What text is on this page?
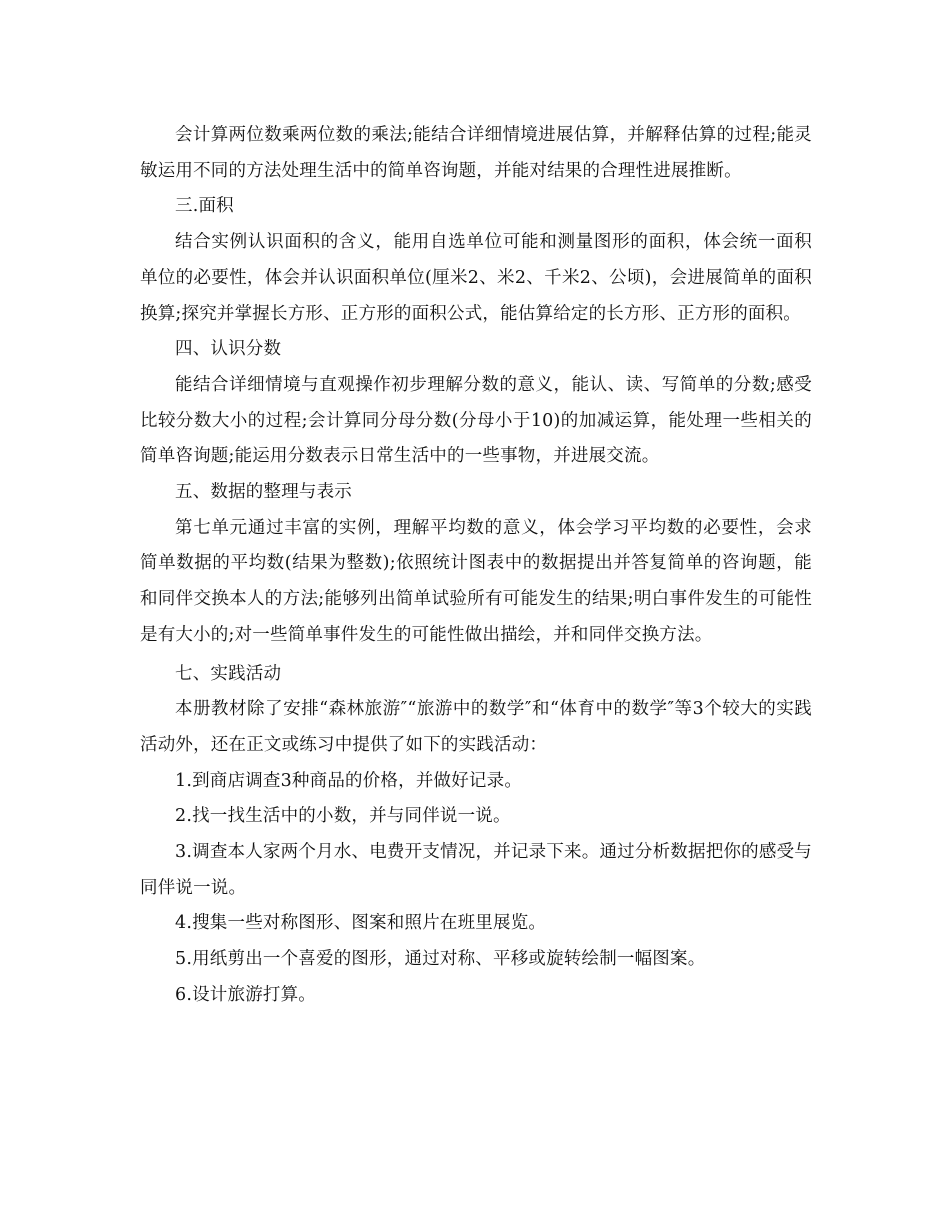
会计算两位数乘两位数的乘法;能结合详细情境进展估算，并解释估算的过程;能灵敏运用不同的方法处理生活中的简单咨询题，并能对结果的合理性进展推断。

三.面积

结合实例认识面积的含义，能用自选单位可能和测量图形的面积，体会统一面积单位的必要性，体会并认识面积单位(厘米2、米2、千米2、公顷)，会进展简单的面积换算;探究并掌握长方形、正方形的面积公式，能估算给定的长方形、正方形的面积。

四、认识分数

能结合详细情境与直观操作初步理解分数的意义，能认、读、写简单的分数;感受比较分数大小的过程;会计算同分母分数(分母小于10)的加减运算，能处理一些相关的简单咨询题;能运用分数表示日常生活中的一些事物，并进展交流。

五、数据的整理与表示

第七单元通过丰富的实例，理解平均数的意义，体会学习平均数的必要性，会求简单数据的平均数(结果为整数);依照统计图表中的数据提出并答复简单的咨询题，能和同伴交换本人的方法;能够列出简单试验所有可能发生的结果;明白事件发生的可能性是有大小的;对一些简单事件发生的可能性做出描绘，并和同伴交换方法。

七、实践活动

本册教材除了安排“森林旅游″“旅游中的数学″和“体育中的数学″等3个较大的实践活动外，还在正文或练习中提供了如下的实践活动：

1.到商店调查3种商品的价格，并做好记录。

2.找一找生活中的小数，并与同伴说一说。

3.调查本人家两个月水、电费开支情况，并记录下来。通过分析数据把你的感受与同伴说一说。

4.搜集一些对称图形、图案和照片在班里展览。

5.用纸剪出一个喜爱的图形，通过对称、平移或旋转绘制一幅图案。

6.设计旅游打算。
